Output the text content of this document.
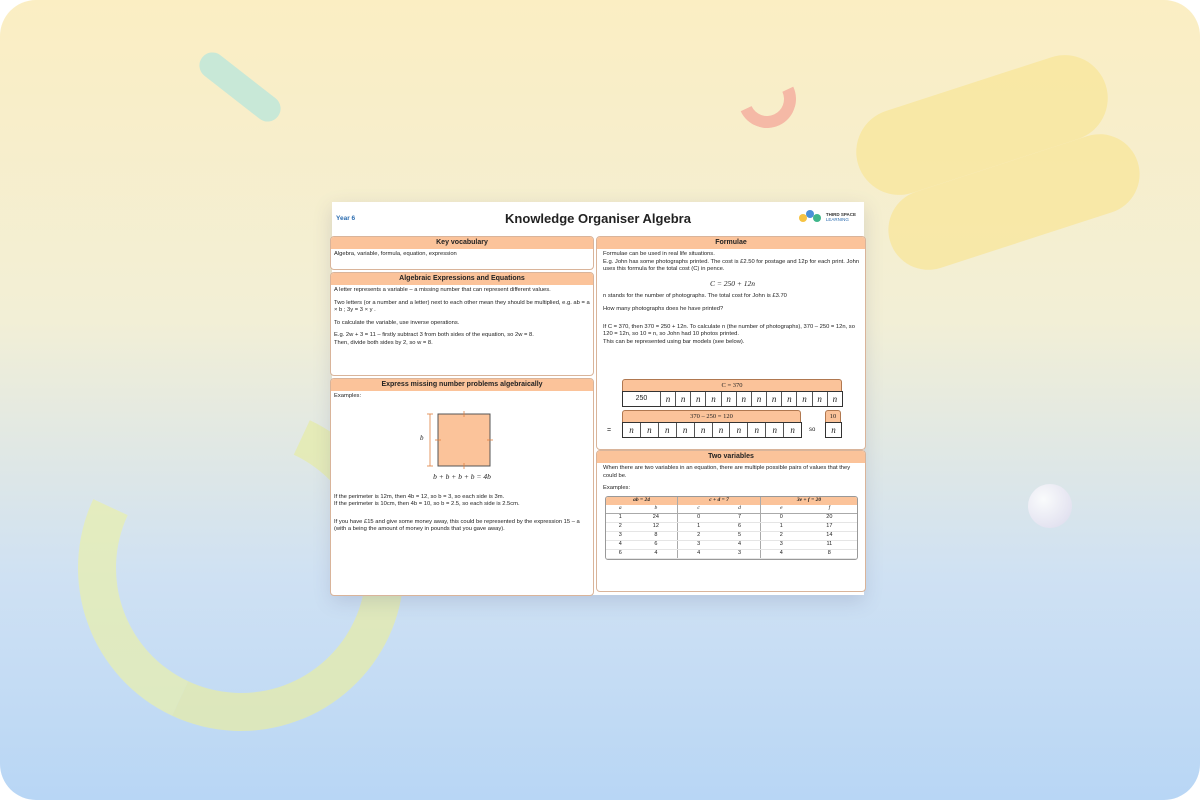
Year 6	Knowledge Organiser Algebra	THIRD SPACE
LEARNING
Key vocabulary

Algebra, variable, formula, equation, expression

Algebraic Expressions and Equations

A letter represents a variable – a missing number that can represent different values.

Two letters (or a number and a letter) next to each other mean they should be multiplied, e.g. ab = a × b ; 3y = 3 × y .

To calculate the variable, use inverse operations.

E.g. 2w + 3 = 11 – firstly subtract 3 from both sides of the equation, so 2w = 8.

Then, divide both sides by 2, so w = 8.

Express missing number problems algebraically

Examples:

b
b + b + b + b = 4b

If the perimeter is 12m, then 4b = 12, so b = 3, so each side is 3m.

If the perimeter is 10cm, then 4b = 10, so b = 2.5, so each side is 2.5cm.

If you have £15 and give some money away, this could be represented by the expression 15 – a (with a being the amount of money in pounds that you gave away).

Formulae

Formulae can be used in real life situations.

E.g. John has some photographs printed. The cost is £2.50 for postage and 12p for each print. John uses this formula for the total cost (C) in pence.

C = 250 + 12n

n stands for the number of photographs. The total cost for John is £3.70

How many photographs does he have printed?

If C = 370, then 370 = 250 + 12n. To calculate n (the number of photographs), 370 – 250 = 12n, so 120 = 12n, so 10 = n, so John had 10 photos printed.

This can be represented using bar models (see below).

C = 370
250	n	n	n	n	n	n	n	n	n	n	n	n
=
370 – 250 = 120
n	n	n	n	n	n	n	n	n	n	so
10
n
Two variables

When there are two variables in an equation, there are multiple possible pairs of values that they could be.

Examples:

ab = 24		c + d = 7		3e + f = 20	
a	b	c	d	e	f
1	24	0	7	0	20
2	12	1	6	1	17
3	8	2	5	2	14
4	6	3	4	3	11
6	4	4	3	4	8
